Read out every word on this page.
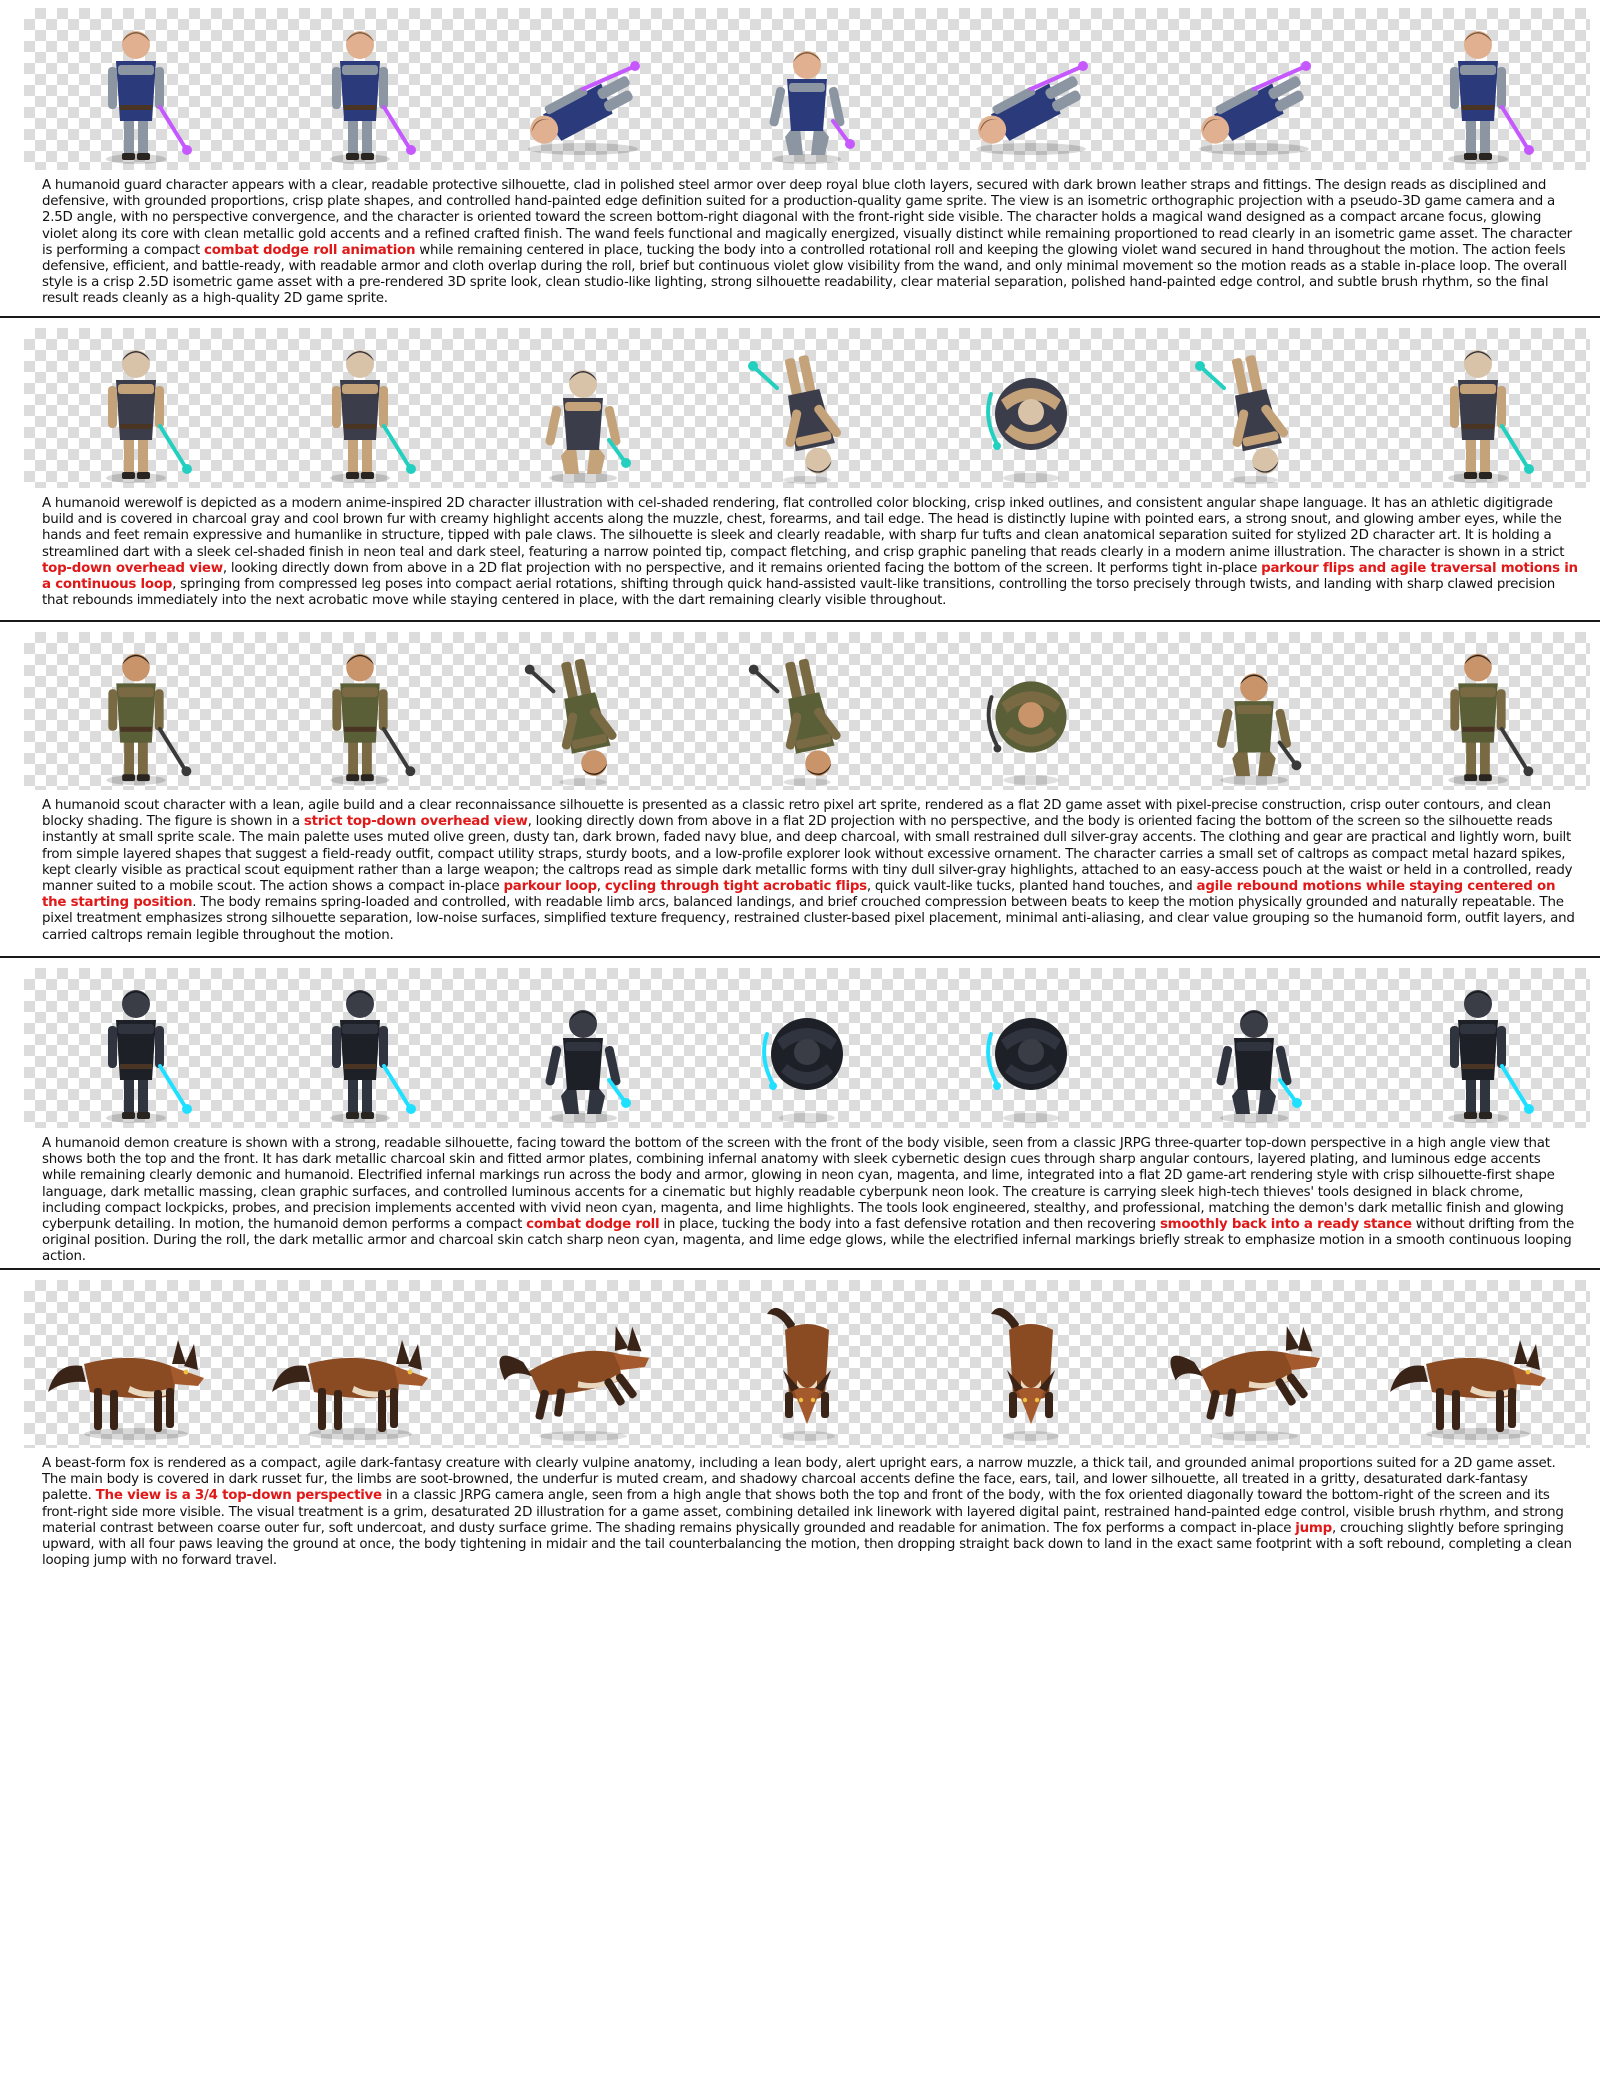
A humanoid guard character appears with a clear, readable protective silhouette, clad in polished steel armor over deep royal blue cloth layers, secured with dark brown leather straps and fittings. The design reads as disciplined and defensive, with grounded proportions, crisp plate shapes, and controlled hand-painted edge definition suited for a production-quality game sprite. The view is an isometric orthographic projection with a pseudo-3D game camera and a 2.5D angle, with no perspective convergence, and the character is oriented toward the screen bottom-right diagonal with the front-right side visible. The character holds a magical wand designed as a compact arcane focus, glowing violet along its core with clean metallic gold accents and a refined crafted finish. The wand feels functional and magically energized, visually distinct while remaining proportioned to read clearly in an isometric game asset. The character is performing a compact combat dodge roll animation while remaining centered in place, tucking the body into a controlled rotational roll and keeping the glowing violet wand secured in hand throughout the motion. The action feels defensive, efficient, and battle-ready, with readable armor and cloth overlap during the roll, brief but continuous violet glow visibility from the wand, and only minimal movement so the motion reads as a stable in-place loop. The overall style is a crisp 2.5D isometric game asset with a pre-rendered 3D sprite look, clean studio-like lighting, strong silhouette readability, clear material separation, polished hand-painted edge control, and subtle brush rhythm, so the final result reads cleanly as a high-quality 2D game sprite.

A humanoid werewolf is depicted as a modern anime-inspired 2D character illustration with cel-shaded rendering, flat controlled color blocking, crisp inked outlines, and consistent angular shape language. It has an athletic digitigrade build and is covered in charcoal gray and cool brown fur with creamy highlight accents along the muzzle, chest, forearms, and tail edge. The head is distinctly lupine with pointed ears, a strong snout, and glowing amber eyes, while the hands and feet remain expressive and humanlike in structure, tipped with pale claws. The silhouette is sleek and clearly readable, with sharp fur tufts and clean anatomical separation suited for stylized 2D character art. It is holding a streamlined dart with a sleek cel-shaded finish in neon teal and dark steel, featuring a narrow pointed tip, compact fletching, and crisp graphic paneling that reads clearly in a modern anime illustration. The character is shown in a strict top-down overhead view, looking directly down from above in a 2D flat projection with no perspective, and it remains oriented facing the bottom of the screen. It performs tight in-place parkour flips and agile traversal motions in a continuous loop, springing from compressed leg poses into compact aerial rotations, shifting through quick hand-assisted vault-like transitions, controlling the torso precisely through twists, and landing with sharp clawed precision that rebounds immediately into the next acrobatic move while staying centered in place, with the dart remaining clearly visible throughout.

A humanoid scout character with a lean, agile build and a clear reconnaissance silhouette is presented as a classic retro pixel art sprite, rendered as a flat 2D game asset with pixel-precise construction, crisp outer contours, and clean blocky shading. The figure is shown in a strict top-down overhead view, looking directly down from above in a flat 2D projection with no perspective, and the body is oriented facing the bottom of the screen so the silhouette reads instantly at small sprite scale. The main palette uses muted olive green, dusty tan, dark brown, faded navy blue, and deep charcoal, with small restrained dull silver-gray accents. The clothing and gear are practical and lightly worn, built from simple layered shapes that suggest a field-ready outfit, compact utility straps, sturdy boots, and a low-profile explorer look without excessive ornament. The character carries a small set of caltrops as compact metal hazard spikes, kept clearly visible as practical scout equipment rather than a large weapon; the caltrops read as simple dark metallic forms with tiny dull silver-gray highlights, attached to an easy-access pouch at the waist or held in a controlled, ready manner suited to a mobile scout. The action shows a compact in-place parkour loop, cycling through tight acrobatic flips, quick vault-like tucks, planted hand touches, and agile rebound motions while staying centered on the starting position. The body remains spring-loaded and controlled, with readable limb arcs, balanced landings, and brief crouched compression between beats to keep the motion physically grounded and naturally repeatable. The pixel treatment emphasizes strong silhouette separation, low-noise surfaces, simplified texture frequency, restrained cluster-based pixel placement, minimal anti-aliasing, and clear value grouping so the humanoid form, outfit layers, and carried caltrops remain legible throughout the motion.

A humanoid demon creature is shown with a strong, readable silhouette, facing toward the bottom of the screen with the front of the body visible, seen from a classic JRPG three-quarter top-down perspective in a high angle view that shows both the top and the front. It has dark metallic charcoal skin and fitted armor plates, combining infernal anatomy with sleek cybernetic design cues through sharp angular contours, layered plating, and luminous edge accents while remaining clearly demonic and humanoid. Electrified infernal markings run across the body and armor, glowing in neon cyan, magenta, and lime, integrated into a flat 2D game-art rendering style with crisp silhouette-first shape language, dark metallic massing, clean graphic surfaces, and controlled luminous accents for a cinematic but highly readable cyberpunk neon look. The creature is carrying sleek high-tech thieves' tools designed in black chrome, including compact lockpicks, probes, and precision implements accented with vivid neon cyan, magenta, and lime highlights. The tools look engineered, stealthy, and professional, matching the demon's dark metallic finish and glowing cyberpunk detailing. In motion, the humanoid demon performs a compact combat dodge roll in place, tucking the body into a fast defensive rotation and then recovering smoothly back into a ready stance without drifting from the original position. During the roll, the dark metallic armor and charcoal skin catch sharp neon cyan, magenta, and lime edge glows, while the electrified infernal markings briefly streak to emphasize motion in a smooth continuous looping action.

A beast-form fox is rendered as a compact, agile dark-fantasy creature with clearly vulpine anatomy, including a lean body, alert upright ears, a narrow muzzle, a thick tail, and grounded animal proportions suited for a 2D game asset. The main body is covered in dark russet fur, the limbs are soot-browned, the underfur is muted cream, and shadowy charcoal accents define the face, ears, tail, and lower silhouette, all treated in a gritty, desaturated dark-fantasy palette. The view is a 3/4 top-down perspective in a classic JRPG camera angle, seen from a high angle that shows both the top and front of the body, with the fox oriented diagonally toward the bottom-right of the screen and its front-right side more visible. The visual treatment is a grim, desaturated 2D illustration for a game asset, combining detailed ink linework with layered digital paint, restrained hand-painted edge control, visible brush rhythm, and strong material contrast between coarse outer fur, soft undercoat, and dusty surface grime. The shading remains physically grounded and readable for animation. The fox performs a compact in-place jump, crouching slightly before springing upward, with all four paws leaving the ground at once, the body tightening in midair and the tail counterbalancing the motion, then dropping straight back down to land in the exact same footprint with a soft rebound, completing a clean looping jump with no forward travel.
